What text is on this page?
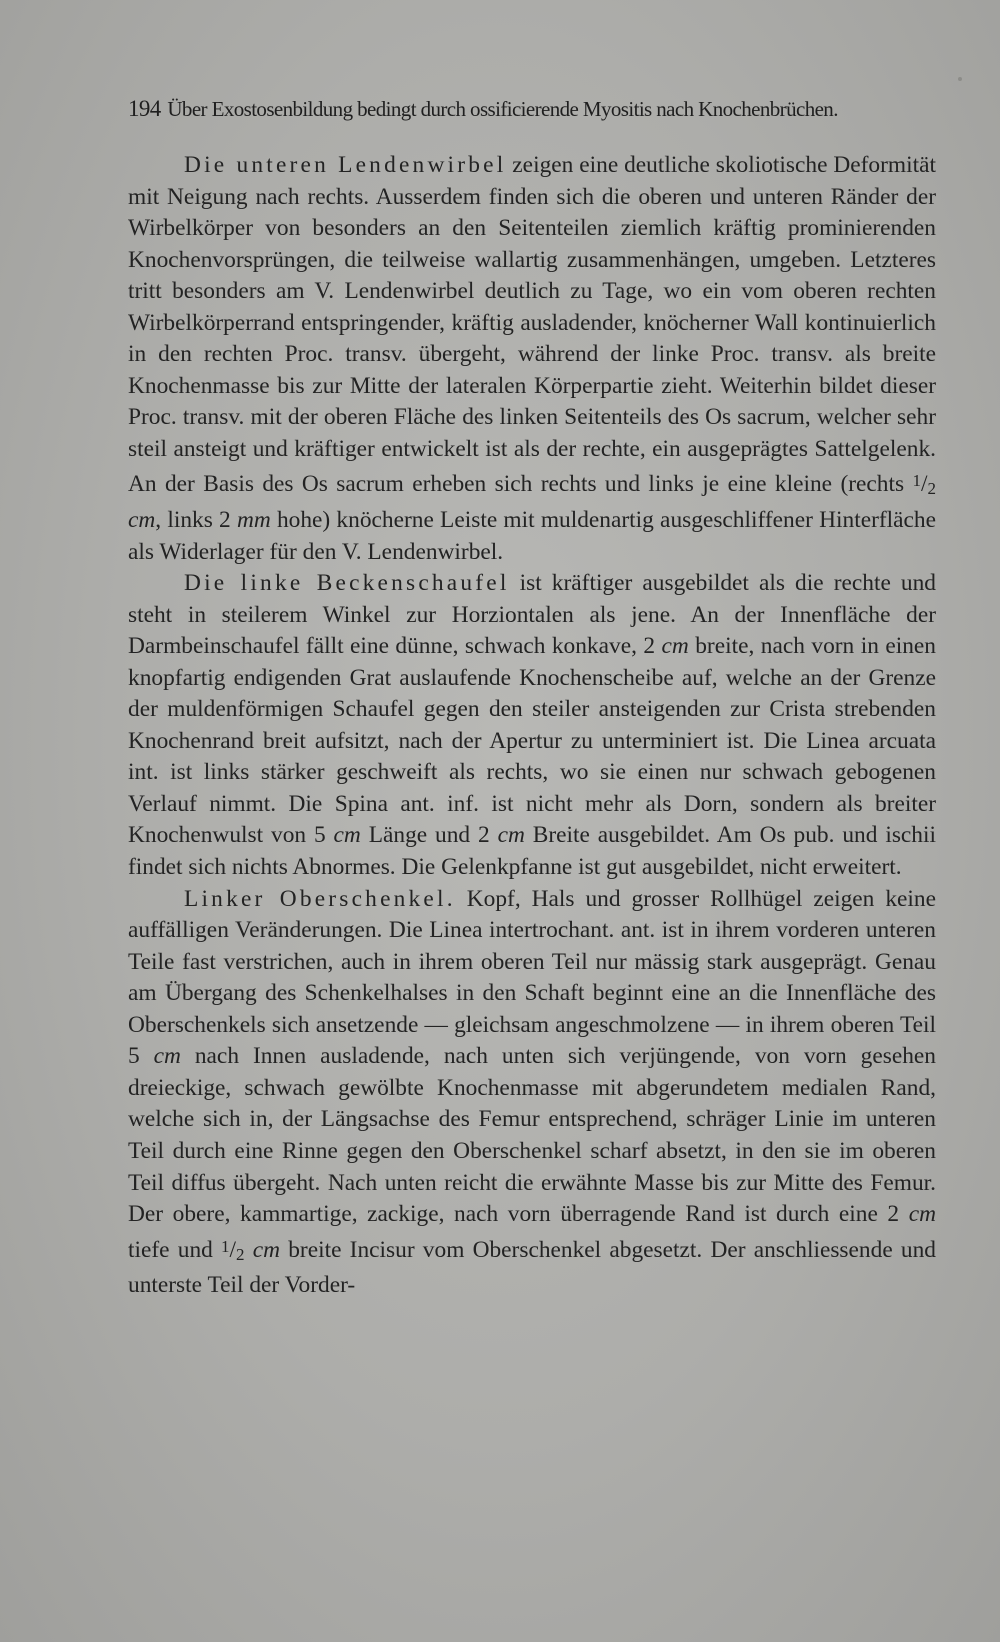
194 Über Exostosenbildung bedingt durch ossificierende Myositis nach Knochenbrüchen.

Die unteren Lendenwirbel zeigen eine deutliche skoliotische Deformität mit Neigung nach rechts. Ausserdem finden sich die oberen und unteren Ränder der Wirbelkörper von besonders an den Seitenteilen ziemlich kräftig prominierenden Knochenvorsprüngen, die teilweise wallartig zusammenhängen, umgeben. Letzteres tritt besonders am V. Lendenwirbel deutlich zu Tage, wo ein vom oberen rechten Wirbelkörperrand entspringender, kräftig ausladender, knöcherner Wall kontinuierlich in den rechten Proc. transv. übergeht, während der linke Proc. transv. als breite Knochenmasse bis zur Mitte der lateralen Körperpartie zieht. Weiterhin bildet dieser Proc. transv. mit der oberen Fläche des linken Seitenteils des Os sacrum, welcher sehr steil ansteigt und kräftiger entwickelt ist als der rechte, ein ausgeprägtes Sattelgelenk. An der Basis des Os sacrum erheben sich rechts und links je eine kleine (rechts $^1$/2 cm, links 2 mm hohe) knöcherne Leiste mit muldenartig ausgeschliffener Hinterfläche als Widerlager für den V. Lendenwirbel.

Die linke Beckenschaufel ist kräftiger ausgebildet als die rechte und steht in steilerem Winkel zur Horziontalen als jene. An der Innenfläche der Darmbeinschaufel fällt eine dünne, schwach konkave, 2 cm breite, nach vorn in einen knopfartig endigenden Grat auslaufende Knochenscheibe auf, welche an der Grenze der muldenförmigen Schaufel gegen den steiler ansteigenden zur Crista strebenden Knochenrand breit aufsitzt, nach der Apertur zu unterminiert ist. Die Linea arcuata int. ist links stärker geschweift als rechts, wo sie einen nur schwach gebogenen Verlauf nimmt. Die Spina ant. inf. ist nicht mehr als Dorn, sondern als breiter Knochenwulst von 5 cm Länge und 2 cm Breite ausgebildet. Am Os pub. und ischii findet sich nichts Abnormes. Die Gelenkpfanne ist gut ausgebildet, nicht erweitert.

Linker Oberschenkel. Kopf, Hals und grosser Rollhügel zeigen keine auffälligen Veränderungen. Die Linea intertrochant. ant. ist in ihrem vorderen unteren Teile fast verstrichen, auch in ihrem oberen Teil nur mässig stark ausgeprägt. Genau am Übergang des Schenkelhalses in den Schaft beginnt eine an die Innenfläche des Oberschenkels sich ansetzende — gleichsam angeschmolzene — in ihrem oberen Teil 5 cm nach Innen ausladende, nach unten sich verjüngende, von vorn gesehen dreieckige, schwach gewölbte Knochenmasse mit abgerundetem medialen Rand, welche sich in, der Längsachse des Femur entsprechend, schräger Linie im unteren Teil durch eine Rinne gegen den Oberschenkel scharf absetzt, in den sie im oberen Teil diffus übergeht. Nach unten reicht die erwähnte Masse bis zur Mitte des Femur. Der obere, kammartige, zackige, nach vorn überragende Rand ist durch eine 2 cm tiefe und $^1$/2 cm breite Incisur vom Oberschenkel abgesetzt. Der anschliessende und unterste Teil der Vorder-
